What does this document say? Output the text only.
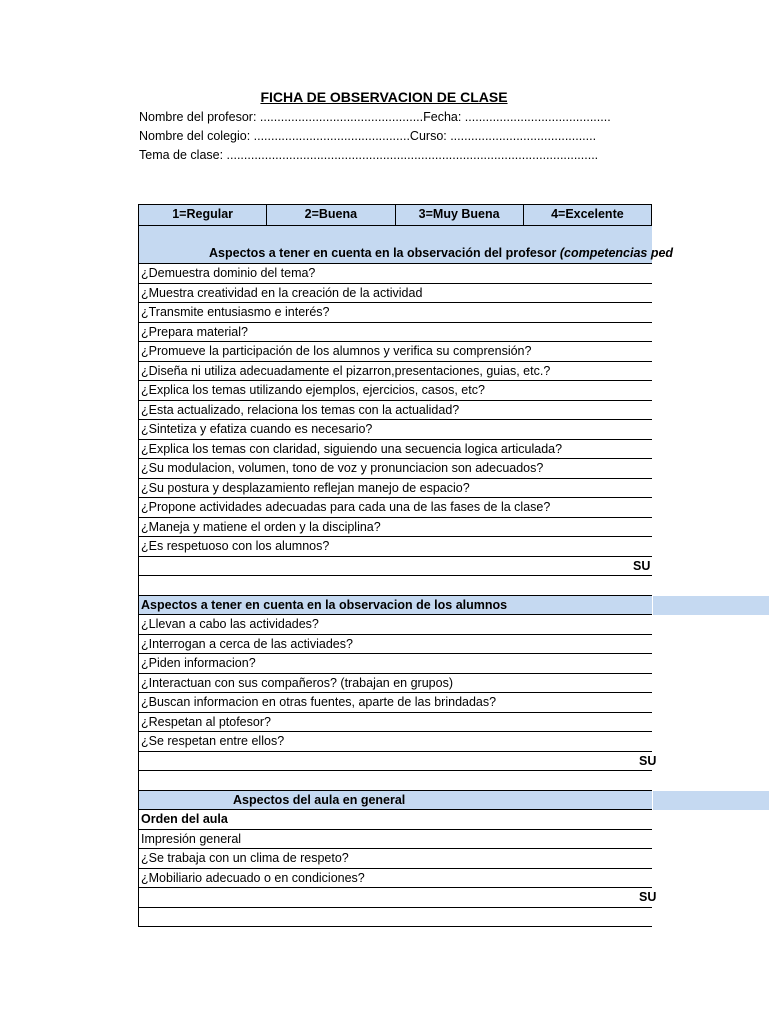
FICHA DE OBSERVACION DE CLASE
Nombre del profesor: ...............................................Fecha: ..........................................
Nombre del colegio: .............................................Curso: ..........................................
Tema de clase: ...........................................................................................................
1=Regular	2=Buena	3=Muy Buena	4=Excelente
Aspectos a tener en cuenta en la observación del profesor (competencias ped
¿Demuestra dominio del tema?
¿Muestra creatividad en la creación de la actividad
¿Transmite entusiasmo e interés?
¿Prepara material?
¿Promueve la participación de los alumnos y verifica su comprensión?
¿Diseña ni utiliza adecuadamente el pizarron,presentaciones, guias, etc.?
¿Explica los temas utilizando ejemplos, ejercicios, casos, etc?
¿Esta actualizado, relaciona los temas con la actualidad?
¿Sintetiza y efatiza cuando es necesario?
¿Explica los temas con claridad, siguiendo una secuencia logica articulada?
¿Su modulacion, volumen, tono de voz y pronunciacion son adecuados?
¿Su postura y desplazamiento reflejan manejo de espacio?
¿Propone actividades adecuadas para cada una de las fases de la clase?
¿Maneja y matiene el orden y la disciplina?
¿Es respetuoso con los alumnos?
SU
Aspectos a tener en cuenta en la observacion de los alumnos
¿Llevan a cabo las actividades?
¿Interrogan a cerca de las activiades?
¿Piden informacion?
¿Interactuan con sus compañeros? (trabajan en grupos)
¿Buscan informacion en otras fuentes, aparte de las brindadas?
¿Respetan al ptofesor?
¿Se respetan entre ellos?
SU
Aspectos del aula en general
Orden del aula
Impresión general
¿Se trabaja con un clima de respeto?
¿Mobiliario adecuado o en condiciones?
SU
